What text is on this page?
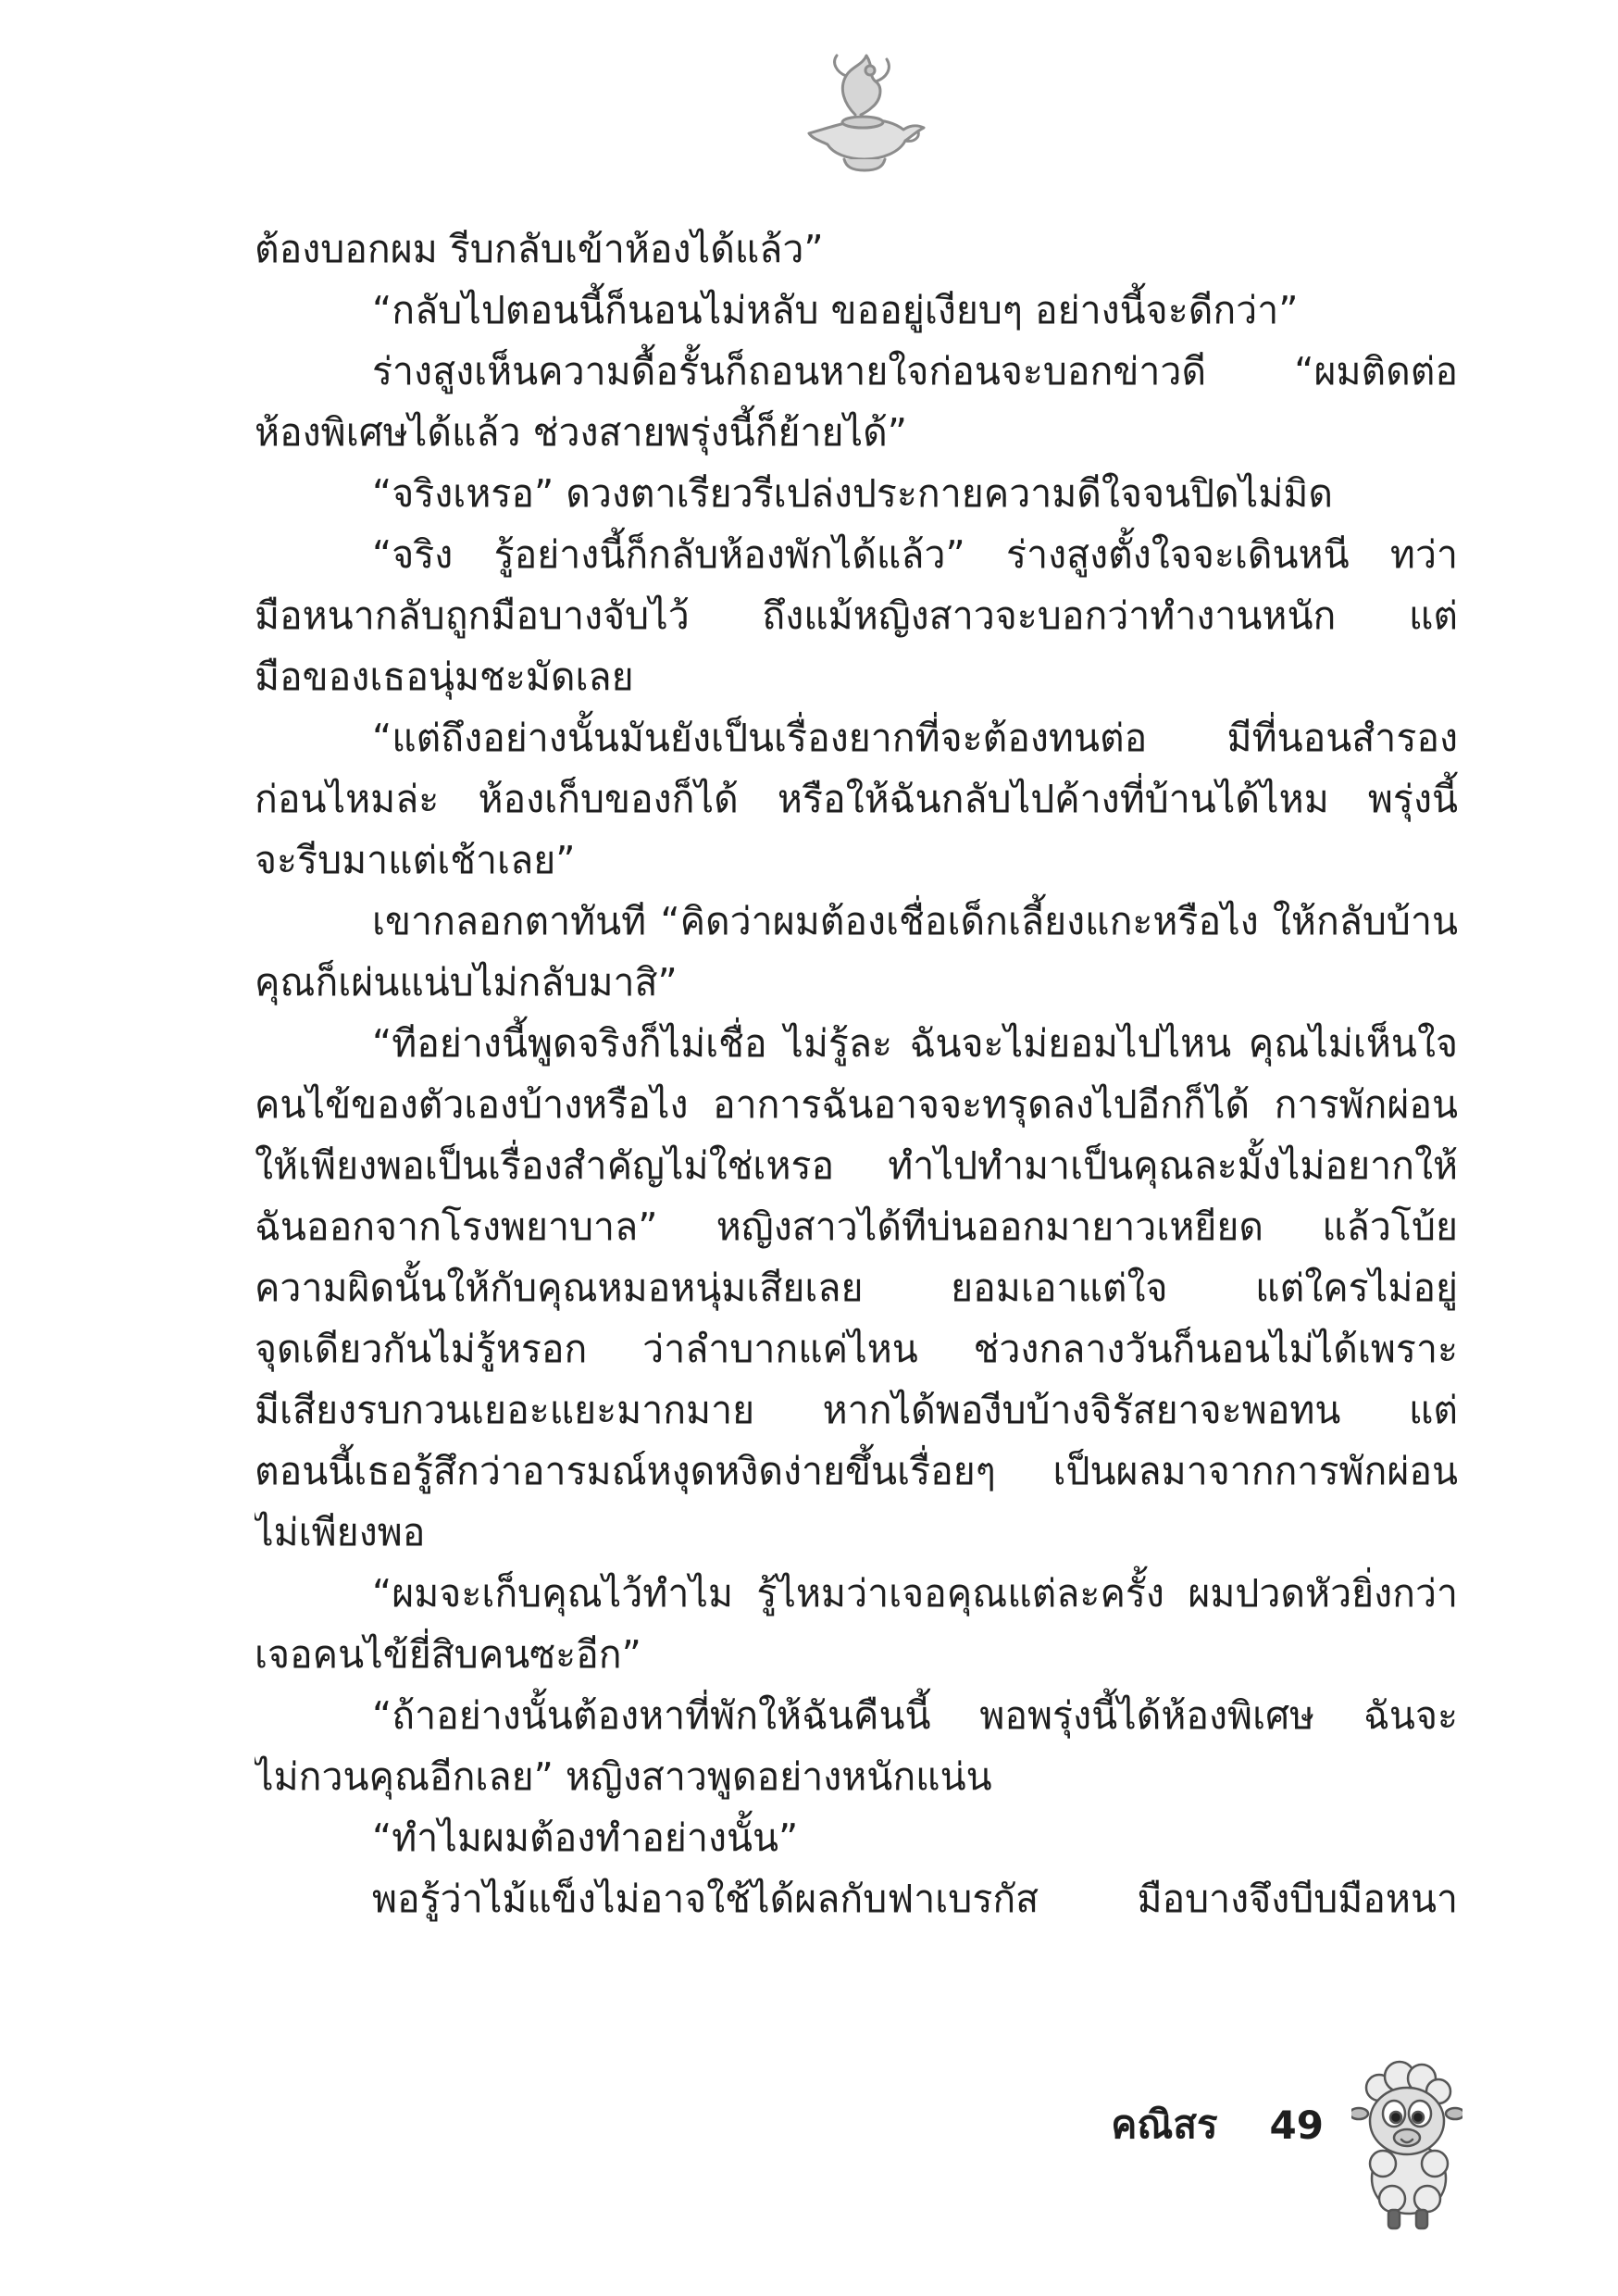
ต้องบอกผม รีบกลับเข้าห้องได้แล้ว”
“กลับไปตอนนี้ก็นอนไม่หลับ ขออยู่เงียบๆ อย่างนี้จะดีกว่า”
ร่างสูงเห็นความดื้อรั้นก็ถอนหายใจก่อนจะบอกข่าวดี “ผมติดต่อ
ห้องพิเศษได้แล้ว ช่วงสายพรุ่งนี้ก็ย้ายได้”
“จริงเหรอ” ดวงตาเรียวรีเปล่งประกายความดีใจจนปิดไม่มิด
“จริง รู้อย่างนี้ก็กลับห้องพักได้แล้ว” ร่างสูงตั้งใจจะเดินหนี ทว่า
มือหนากลับถูกมือบางจับไว้ ถึงแม้หญิงสาวจะบอกว่าทำงานหนัก แต่
มือของเธอนุ่มชะมัดเลย
“แต่ถึงอย่างนั้นมันยังเป็นเรื่องยากที่จะต้องทนต่อ มีที่นอนสำรอง
ก่อนไหมล่ะ ห้องเก็บของก็ได้ หรือให้ฉันกลับไปค้างที่บ้านได้ไหม พรุ่งนี้
จะรีบมาแต่เช้าเลย”
เขากลอกตาทันที “คิดว่าผมต้องเชื่อเด็กเลี้ยงแกะหรือไง ให้กลับบ้าน
คุณก็เผ่นแน่บไม่กลับมาสิ”
“ทีอย่างนี้พูดจริงก็ไม่เชื่อ ไม่รู้ละ ฉันจะไม่ยอมไปไหน คุณไม่เห็นใจ
คนไข้ของตัวเองบ้างหรือไง อาการฉันอาจจะทรุดลงไปอีกก็ได้ การพักผ่อน
ให้เพียงพอเป็นเรื่องสำคัญไม่ใช่เหรอ ทำไปทำมาเป็นคุณละมั้งไม่อยากให้
ฉันออกจากโรงพยาบาล” หญิงสาวได้ทีบ่นออกมายาวเหยียด แล้วโบ้ย
ความผิดนั้นให้กับคุณหมอหนุ่มเสียเลย ยอมเอาแต่ใจ แต่ใครไม่อยู่
จุดเดียวกันไม่รู้หรอก ว่าลำบากแค่ไหน ช่วงกลางวันก็นอนไม่ได้เพราะ
มีเสียงรบกวนเยอะแยะมากมาย หากได้พองีบบ้างจิรัสยาจะพอทน แต่
ตอนนี้เธอรู้สึกว่าอารมณ์หงุดหงิดง่ายขึ้นเรื่อยๆ เป็นผลมาจากการพักผ่อน
ไม่เพียงพอ
“ผมจะเก็บคุณไว้ทำไม รู้ไหมว่าเจอคุณแต่ละครั้ง ผมปวดหัวยิ่งกว่า
เจอคนไข้ยี่สิบคนซะอีก”
“ถ้าอย่างนั้นต้องหาที่พักให้ฉันคืนนี้ พอพรุ่งนี้ได้ห้องพิเศษ ฉันจะ
ไม่กวนคุณอีกเลย” หญิงสาวพูดอย่างหนักแน่น
“ทำไมผมต้องทำอย่างนั้น”
พอรู้ว่าไม้แข็งไม่อาจใช้ได้ผลกับฟาเบรกัส มือบางจึงบีบมือหนา
คณิสร 49
